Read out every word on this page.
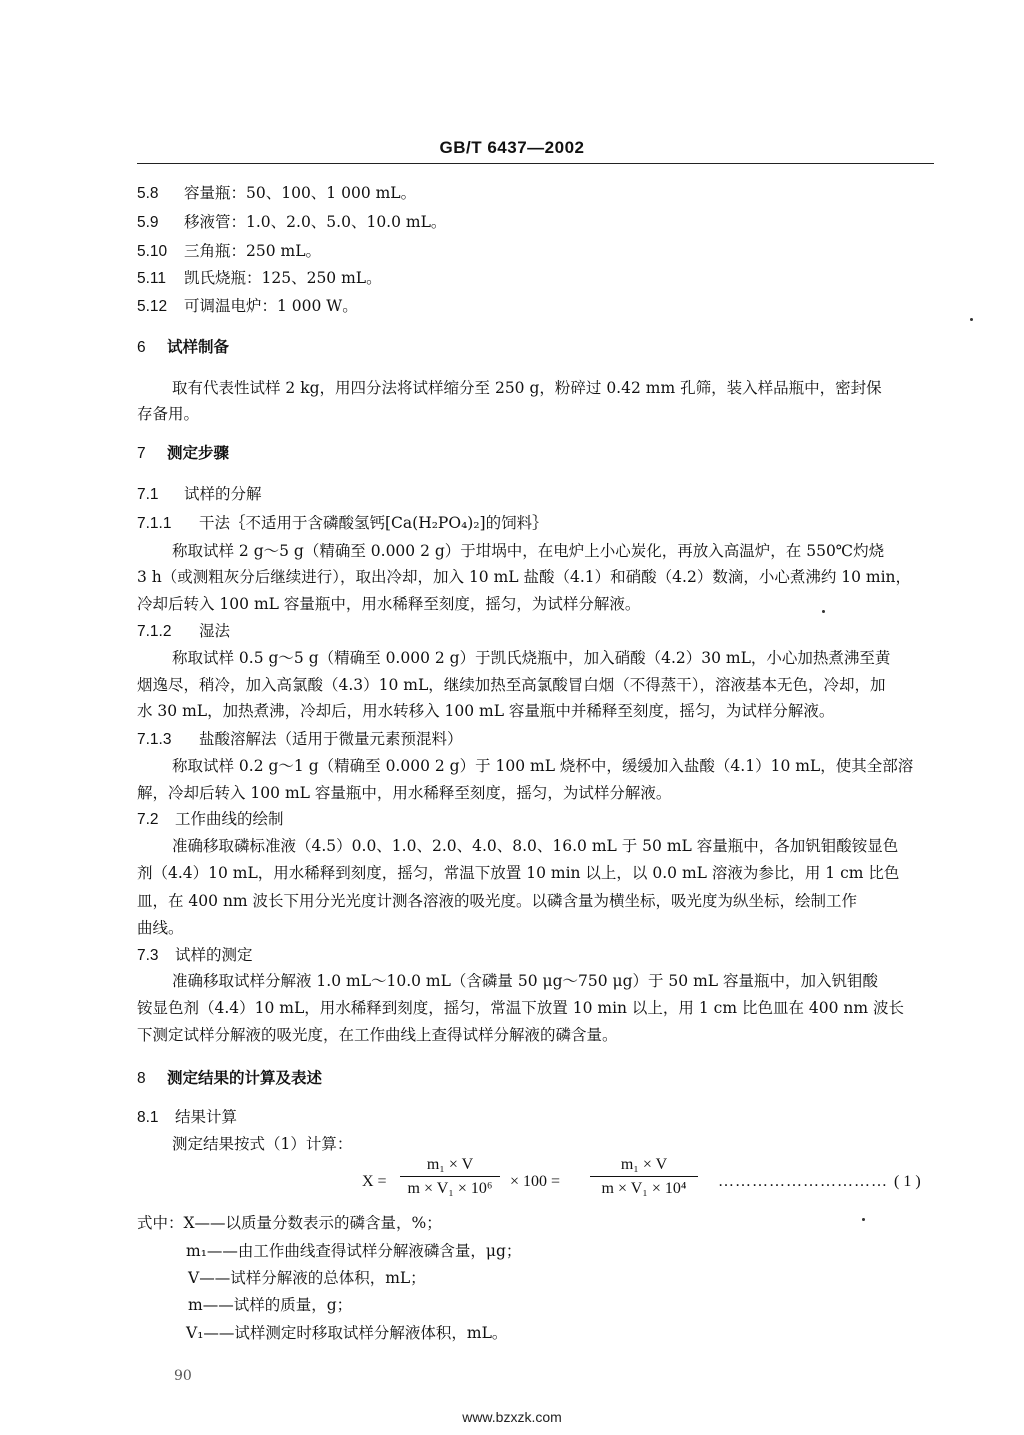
GB/T 6437—2002
5.8 容量瓶：50、100、1 000 mL。
5.9 移液管：1.0、2.0、5.0、10.0 mL。
5.10 三角瓶：250 mL。
5.11 凯氏烧瓶：125、250 mL。
5.12 可调温电炉：1 000 W。
6 试样制备
取有代表性试样 2 kg，用四分法将试样缩分至 250 g，粉碎过 0.42 mm 孔筛，装入样品瓶中，密封保
存备用。
7 测定步骤
7.1 试样的分解
7.1.1 干法｛不适用于含磷酸氢钙[Ca(H₂PO₄)₂]的饲料｝
称取试样 2 g～5 g（精确至 0.000 2 g）于坩埚中，在电炉上小心炭化，再放入高温炉，在 550℃灼烧
3 h（或测粗灰分后继续进行），取出冷却，加入 10 mL 盐酸（4.1）和硝酸（4.2）数滴，小心煮沸约 10 min，
冷却后转入 100 mL 容量瓶中，用水稀释至刻度，摇匀，为试样分解液。
7.1.2 湿法
称取试样 0.5 g～5 g（精确至 0.000 2 g）于凯氏烧瓶中，加入硝酸（4.2）30 mL，小心加热煮沸至黄
烟逸尽，稍冷，加入高氯酸（4.3）10 mL，继续加热至高氯酸冒白烟（不得蒸干），溶液基本无色，冷却，加
水 30 mL，加热煮沸，冷却后，用水转移入 100 mL 容量瓶中并稀释至刻度，摇匀，为试样分解液。
7.1.3 盐酸溶解法（适用于微量元素预混料）
称取试样 0.2 g～1 g（精确至 0.000 2 g）于 100 mL 烧杯中，缓缓加入盐酸（4.1）10 mL，使其全部溶
解，冷却后转入 100 mL 容量瓶中，用水稀释至刻度，摇匀，为试样分解液。
7.2 工作曲线的绘制
准确移取磷标准液（4.5）0.0、1.0、2.0、4.0、8.0、16.0 mL 于 50 mL 容量瓶中，各加钒钼酸铵显色
剂（4.4）10 mL，用水稀释到刻度，摇匀，常温下放置 10 min 以上，以 0.0 mL 溶液为参比，用 1 cm 比色
皿，在 400 nm 波长下用分光光度计测各溶液的吸光度。以磷含量为横坐标，吸光度为纵坐标，绘制工作
曲线。
7.3 试样的测定
准确移取试样分解液 1.0 mL～10.0 mL（含磷量 50 μg～750 μg）于 50 mL 容量瓶中，加入钒钼酸
铵显色剂（4.4）10 mL，用水稀释到刻度，摇匀，常温下放置 10 min 以上，用 1 cm 比色皿在 400 nm 波长
下测定试样分解液的吸光度，在工作曲线上查得试样分解液的磷含量。
8 测定结果的计算及表述
8.1 结果计算
测定结果按式（1）计算：
$X = \frac{\text{m₁ × V}}{\text{m × V₁ × 10⁶}} \times 100 = \frac{\text{m₁ × V}}{\text{m × V₁ × 10⁴}}$ ………………………… ( 1 )
式中：X——以质量分数表示的磷含量，%；
m₁——由工作曲线查得试样分解液磷含量，μg；
V——试样分解液的总体积，mL；
m——试样的质量，g；
V₁——试样测定时移取试样分解液体积，mL。
90
www.bzxzk.com
